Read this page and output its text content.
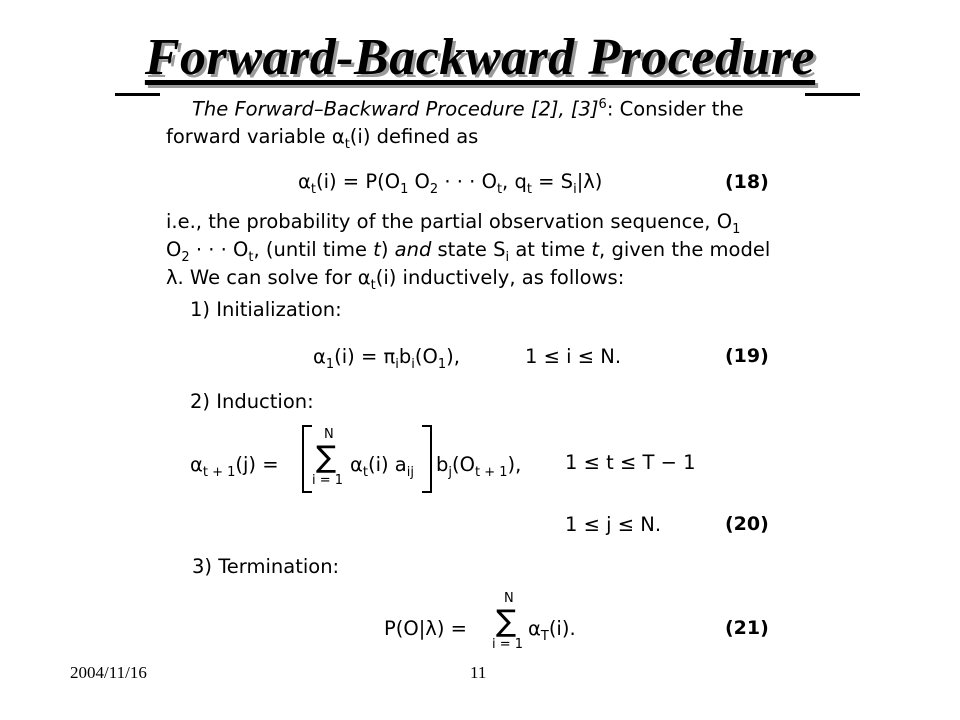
Forward-Backward Procedure
The Forward–Backward Procedure [2], $[3]^6$: Consider the
forward variable $\alpha_t(i)$ defined as
$\alpha_t(i) = P(O_1$ $O_2$ · · · $O_t$, $q_t = S_i|\lambda$)	(18)
i.e., the probability of the partial observation sequence, $O_1$
$O_2$ · · · $O_t$, (until time t) and state $S_i$ at time t, given the model
λ. We can solve for $\alpha_t(i)$ inductively, as follows:
1) Initialization:
$\alpha_1(i) = \pi_ib_i(O_1)$,	1 ≤ i ≤ N.	(19)
2) Induction:
$\alpha_{t + 1}(j)$ =
N
∑
i = 1
$\alpha_t(i)$ $a_{ij}$ $b_j(O_{t + 1})$, 1 ≤ t ≤ T − 1
1 ≤ j ≤ N.	(20)
3) Termination:
P(O|λ) =
N
∑
i = 1
$\alpha_T(i)$.	(21)
2004/11/16	11
